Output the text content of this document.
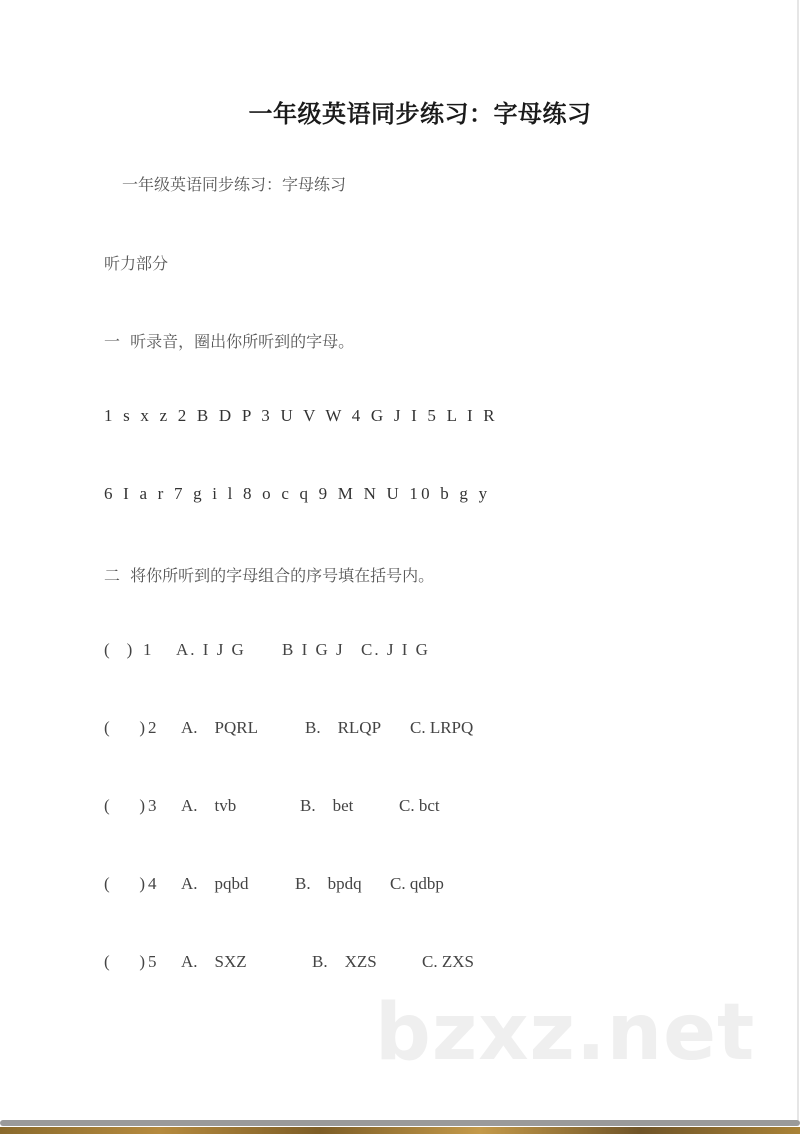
一年级英语同步练习：字母练习
一年级英语同步练习：字母练习
听力部分
一  听录音，圈出你所听到的字母。
1 s x z 2 B D P 3 U V W 4 G J I 5 L I R
6 I a r 7 g i l 8 o c q 9 M N U 10 b g y
二  将你所听到的字母组合的序号填在括号内。
(    ) 1 A. I J G B I G J C. J I G
(       ) 2 A.    PQRL	B.    RLQP C. LRPQ
(       ) 3 A.    tvb	B.    bet	C. bct
(       ) 4 A.    pqbd	B.    bpdq C. qdbp
(       ) 5 A.    SXZ	B.    XZS	C. ZXS
bzxz.net
